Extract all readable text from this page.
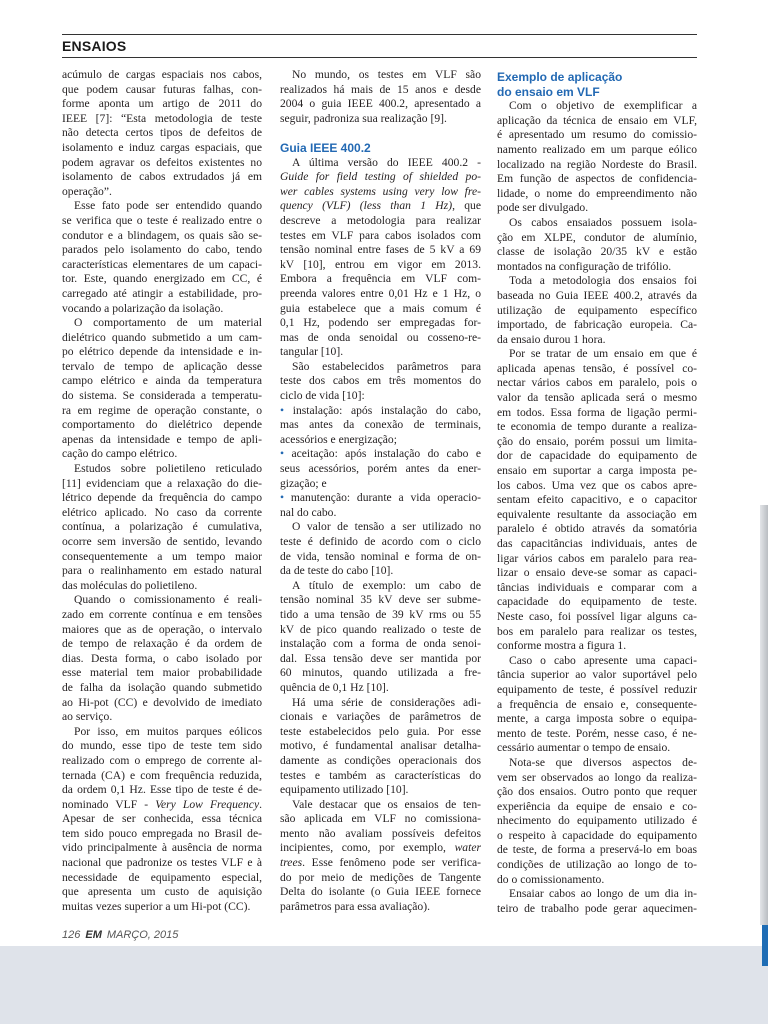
ENSAIOS
acúmulo de cargas espaciais nos cabos,
que podem causar futuras falhas, con-
forme aponta um artigo de 2011 do
IEEE [7]: “Esta metodologia de teste
não detecta certos tipos de defeitos de
isolamento e induz cargas espaciais, que
podem agravar os defeitos existentes no
isolamento de cabos extrudados já em
operação”.
Esse fato pode ser entendido quando
se verifica que o teste é realizado entre o
condutor e a blindagem, os quais são se-
parados pelo isolamento do cabo, tendo
características elementares de um capaci-
tor. Este, quando energizado em CC, é
carregado até atingir a estabilidade, pro-
vocando a polarização da isolação.
O comportamento de um material
dielétrico quando submetido a um cam-
po elétrico depende da intensidade e in-
tervalo de tempo de aplicação desse
campo elétrico e ainda da temperatura
do sistema. Se considerada a temperatu-
ra em regime de operação constante, o
comportamento do dielétrico depende
apenas da intensidade e tempo de apli-
cação do campo elétrico.
Estudos sobre polietileno reticulado
[11] evidenciam que a relaxação do die-
létrico depende da frequência do campo
elétrico aplicado. No caso da corrente
contínua, a polarização é cumulativa,
ocorre sem inversão de sentido, levando
consequentemente a um tempo maior
para o realinhamento em estado natural
das moléculas do polietileno.
Quando o comissionamento é reali-
zado em corrente contínua e em tensões
maiores que as de operação, o intervalo
de tempo de relaxação é da ordem de
dias. Desta forma, o cabo isolado por
esse material tem maior probabilidade
de falha da isolação quando submetido
ao Hi-pot (CC) e devolvido de imediato
ao serviço.
Por isso, em muitos parques eólicos
do mundo, esse tipo de teste tem sido
realizado com o emprego de corrente al-
ternada (CA) e com frequência reduzida,
da ordem 0,1 Hz. Esse tipo de teste é de-
nominado VLF - Very Low Frequency.
Apesar de ser conhecida, essa técnica
tem sido pouco empregada no Brasil de-
vido principalmente à ausência de norma
nacional que padronize os testes VLF e à
necessidade de equipamento especial,
que apresenta um custo de aquisição
muitas vezes superior a um Hi-pot (CC).
No mundo, os testes em VLF são
realizados há mais de 15 anos e desde
2004 o guia IEEE 400.2, apresentado a
seguir, padroniza sua realização [9].
Guia IEEE 400.2
A última versão do IEEE 400.2 -
Guide for field testing of shielded po-
wer cables systems using very low fre-
quency (VLF) (less than 1 Hz), que
descreve a metodologia para realizar
testes em VLF para cabos isolados com
tensão nominal entre fases de 5 kV a 69
kV [10], entrou em vigor em 2013.
Embora a frequência em VLF com-
preenda valores entre 0,01 Hz e 1 Hz, o
guia estabelece que a mais comum é
0,1 Hz, podendo ser empregadas for-
mas de onda senoidal ou cosseno-re-
tangular [10].
São estabelecidos parâmetros para
teste dos cabos em três momentos do
ciclo de vida [10]:
• instalação: após instalação do cabo,
mas antes da conexão de terminais,
acessórios e energização;
• aceitação: após instalação do cabo e
seus acessórios, porém antes da ener-
gização; e
• manutenção: durante a vida operacio-
nal do cabo.
O valor de tensão a ser utilizado no
teste é definido de acordo com o ciclo
de vida, tensão nominal e forma de on-
da de teste do cabo [10].
A título de exemplo: um cabo de
tensão nominal 35 kV deve ser subme-
tido a uma tensão de 39 kV rms ou 55
kV de pico quando realizado o teste de
instalação com a forma de onda senoi-
dal. Essa tensão deve ser mantida por
60 minutos, quando utilizada a fre-
quência de 0,1 Hz [10].
Há uma série de considerações adi-
cionais e variações de parâmetros de
teste estabelecidos pelo guia. Por esse
motivo, é fundamental analisar detalha-
damente as condições operacionais dos
testes e também as características do
equipamento utilizado [10].
Vale destacar que os ensaios de ten-
são aplicada em VLF no comissiona-
mento não avaliam possíveis defeitos
incipientes, como, por exemplo, water
trees. Esse fenômeno pode ser verifica-
do por meio de medições de Tangente
Delta do isolante (o Guia IEEE fornece
parâmetros para essa avaliação).
Exemplo de aplicação
do ensaio em VLF
Com o objetivo de exemplificar a
aplicação da técnica de ensaio em VLF,
é apresentado um resumo do comissio-
namento realizado em um parque eólico
localizado na região Nordeste do Brasil.
Em função de aspectos de confidencia-
lidade, o nome do empreendimento não
pode ser divulgado.
Os cabos ensaiados possuem isola-
ção em XLPE, condutor de alumínio,
classe de isolação 20/35 kV e estão
montados na configuração de trifólio.
Toda a metodologia dos ensaios foi
baseada no Guia IEEE 400.2, através da
utilização de equipamento específico
importado, de fabricação europeia. Ca-
da ensaio durou 1 hora.
Por se tratar de um ensaio em que é
aplicada apenas tensão, é possível co-
nectar vários cabos em paralelo, pois o
valor da tensão aplicada será o mesmo
em todos. Essa forma de ligação permi-
te economia de tempo durante a realiza-
ção do ensaio, porém possui um limita-
dor de capacidade do equipamento de
ensaio em suportar a carga imposta pe-
los cabos. Uma vez que os cabos apre-
sentam efeito capacitivo, e o capacitor
equivalente resultante da associação em
paralelo é obtido através da somatória
das capacitâncias individuais, antes de
ligar vários cabos em paralelo para rea-
lizar o ensaio deve-se somar as capaci-
tâncias individuais e comparar com a
capacidade do equipamento de teste.
Neste caso, foi possível ligar alguns ca-
bos em paralelo para realizar os testes,
conforme mostra a figura 1.
Caso o cabo apresente uma capaci-
tância superior ao valor suportável pelo
equipamento de teste, é possível reduzir
a frequência de ensaio e, consequente-
mente, a carga imposta sobre o equipa-
mento de teste. Porém, nesse caso, é ne-
cessário aumentar o tempo de ensaio.
Nota-se que diversos aspectos de-
vem ser observados ao longo da realiza-
ção dos ensaios. Outro ponto que requer
experiência da equipe de ensaio e co-
nhecimento do equipamento utilizado é
o respeito à capacidade do equipamento
de teste, de forma a preservá-lo em boas
condições de utilização ao longo de to-
do o comissionamento.
Ensaiar cabos ao longo de um dia in-
teiro de trabalho pode gerar aquecimen-
126 EM MARÇO, 2015
